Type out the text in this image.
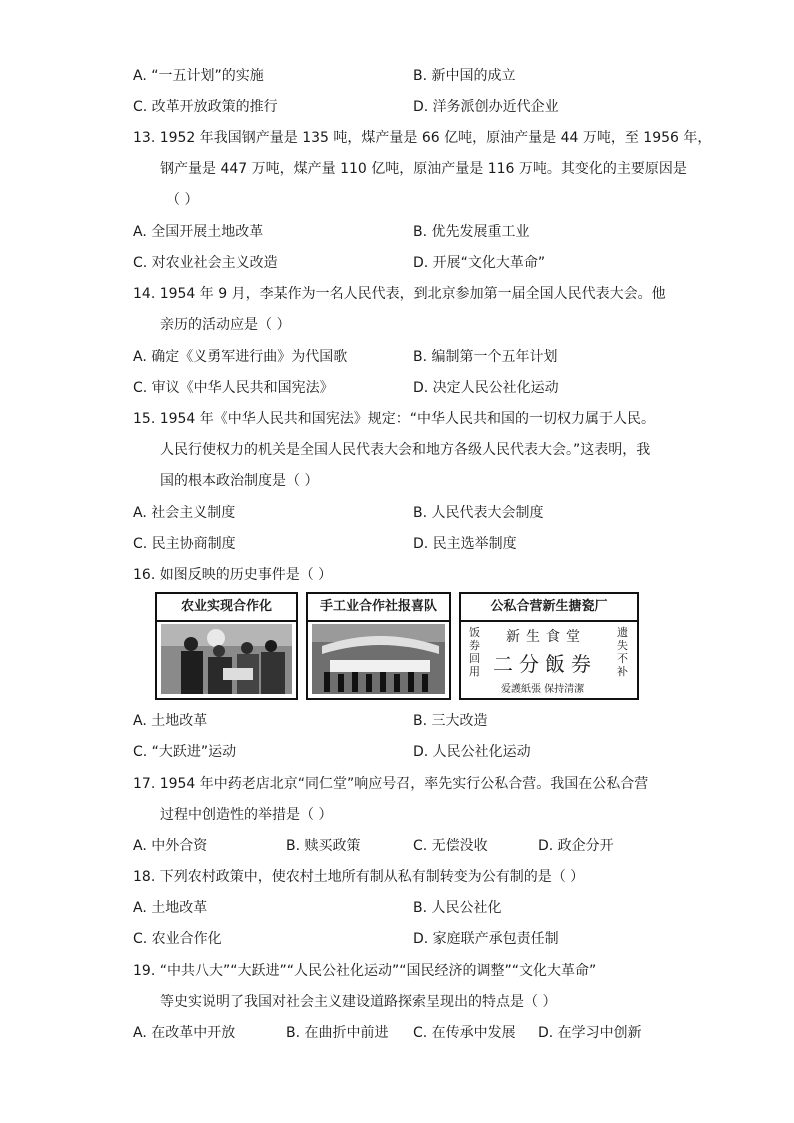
A. “一五计划”的实施	B. 新中国的成立
C. 改革开放政策的推行	D. 洋务派创办近代企业
13. 1952 年我国钢产量是 135 吨，煤产量是 66 亿吨，原油产量是 44 万吨，至 1956 年，
钢产量是 447 万吨，煤产量 110 亿吨，原油产量是 116 万吨。其变化的主要原因是
（ ）
A. 全国开展土地改革	B. 优先发展重工业
C. 对农业社会主义改造	D. 开展“文化大革命”
14. 1954 年 9 月，李某作为一名人民代表，到北京参加第一届全国人民代表大会。他
亲历的活动应是（ ）
A. 确定《义勇军进行曲》为代国歌	B. 编制第一个五年计划
C. 审议《中华人民共和国宪法》	D. 决定人民公社化运动
15. 1954 年《中华人民共和国宪法》规定：“中华人民共和国的一切权力属于人民。
人民行使权力的机关是全国人民代表大会和地方各级人民代表大会。”这表明，我
国的根本政治制度是（ ）
A. 社会主义制度	B. 人民代表大会制度
C. 民主协商制度	D. 民主选举制度
16. 如图反映的历史事件是（ ）
农业实现合作化	手工业合作社报喜队	公私合营新生搪瓷厂
饭券回用
新生食堂	遗失不补
二分飯券
爱護紙張 保持清潔
A. 土地改革	B. 三大改造
C. “大跃进”运动	D. 人民公社化运动
17. 1954 年中药老店北京“同仁堂”响应号召，率先实行公私合营。我国在公私合营
过程中创造性的举措是（ ）
A. 中外合资	B. 赎买政策	C. 无偿没收	D. 政企分开
18. 下列农村政策中，使农村土地所有制从私有制转变为公有制的是（ ）
A. 土地改革	B. 人民公社化
C. 农业合作化	D. 家庭联产承包责任制
19. “中共八大”“大跃进”“人民公社化运动”“国民经济的调整”“文化大革命”
等史实说明了我国对社会主义建设道路探索呈现出的特点是（ ）
A. 在改革中开放	B. 在曲折中前进 C. 在传承中发展 D. 在学习中创新
